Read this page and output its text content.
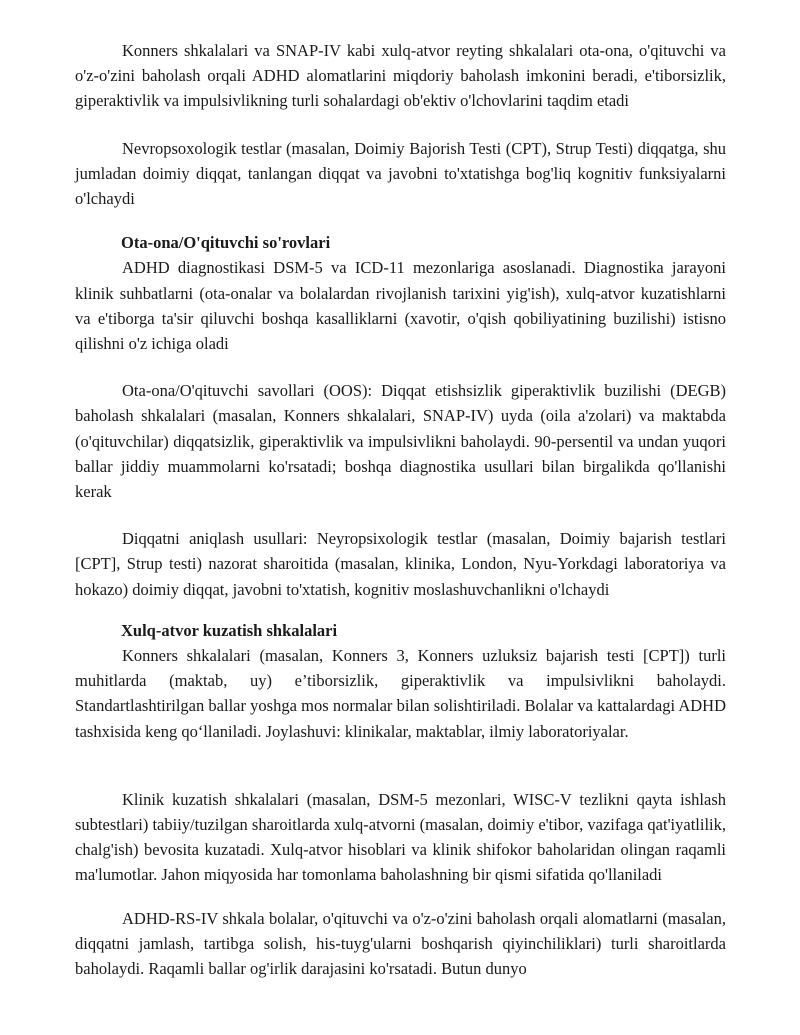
Konners shkalalari va SNAP-IV kabi xulq-atvor reyting shkalalari ota-ona, o'qituvchi va o'z-o'zini baholash orqali ADHD alomatlarini miqdoriy baholash imkonini beradi, e'tiborsizlik, giperaktivlik va impulsivlikning turli sohalardagi ob'ektiv o'lchovlarini taqdim etadi

Nevropsoxologik testlar (masalan, Doimiy Bajorish Testi (CPT), Strup Testi) diqqatga, shu jumladan doimiy diqqat, tanlangan diqqat va javobni to'xtatishga bog'liq kognitiv funksiyalarni o'lchaydi

Ota-ona/O'qituvchi so'rovlari

ADHD diagnostikasi DSM-5 va ICD-11 mezonlariga asoslanadi. Diagnostika jarayoni klinik suhbatlarni (ota-onalar va bolalardan rivojlanish tarixini yig'ish), xulq-atvor kuzatishlarni va e'tiborga ta'sir qiluvchi boshqa kasalliklarni (xavotir, o'qish qobiliyatining buzilishi) istisno qilishni o'z ichiga oladi

Ota-ona/O'qituvchi savollari (OOS): Diqqat etishsizlik giperaktivlik buzilishi (DEGB) baholash shkalalari (masalan, Konners shkalalari, SNAP-IV) uyda (oila a'zolari) va maktabda (o'qituvchilar) diqqatsizlik, giperaktivlik va impulsivlikni baholaydi. 90-persentil va undan yuqori ballar jiddiy muammolarni ko'rsatadi; boshqa diagnostika usullari bilan birgalikda qo'llanishi kerak

Diqqatni aniqlash usullari: Neyropsixologik testlar (masalan, Doimiy bajarish testlari [CPT], Strup testi) nazorat sharoitida (masalan, klinika, London, Nyu-Yorkdagi laboratoriya va hokazo) doimiy diqqat, javobni to'xtatish, kognitiv moslashuvchanlikni o'lchaydi

Xulq-atvor kuzatish shkalalari

Konners shkalalari (masalan, Konners 3, Konners uzluksiz bajarish testi [CPT]) turli muhitlarda (maktab, uy) e’tiborsizlik, giperaktivlik va impulsivlikni baholaydi. Standartlashtirilgan ballar yoshga mos normalar bilan solishtiriladi. Bolalar va kattalardagi ADHD tashxisida keng qo‘llaniladi. Joylashuvi: klinikalar, maktablar, ilmiy laboratoriyalar.

Klinik kuzatish shkalalari (masalan, DSM-5 mezonlari, WISC-V tezlikni qayta ishlash subtestlari) tabiiy/tuzilgan sharoitlarda xulq-atvorni (masalan, doimiy e'tibor, vazifaga qat'iyatlilik, chalg'ish) bevosita kuzatadi. Xulq-atvor hisoblari va klinik shifokor baholaridan olingan raqamli ma'lumotlar. Jahon miqyosida har tomonlama baholashning bir qismi sifatida qo'llaniladi

ADHD-RS-IV shkala bolalar, o'qituvchi va o'z-o'zini baholash orqali alomatlarni (masalan, diqqatni jamlash, tartibga solish, his-tuyg'ularni boshqarish qiyinchiliklari) turli sharoitlarda baholaydi. Raqamli ballar og'irlik darajasini ko'rsatadi. Butun dunyo
